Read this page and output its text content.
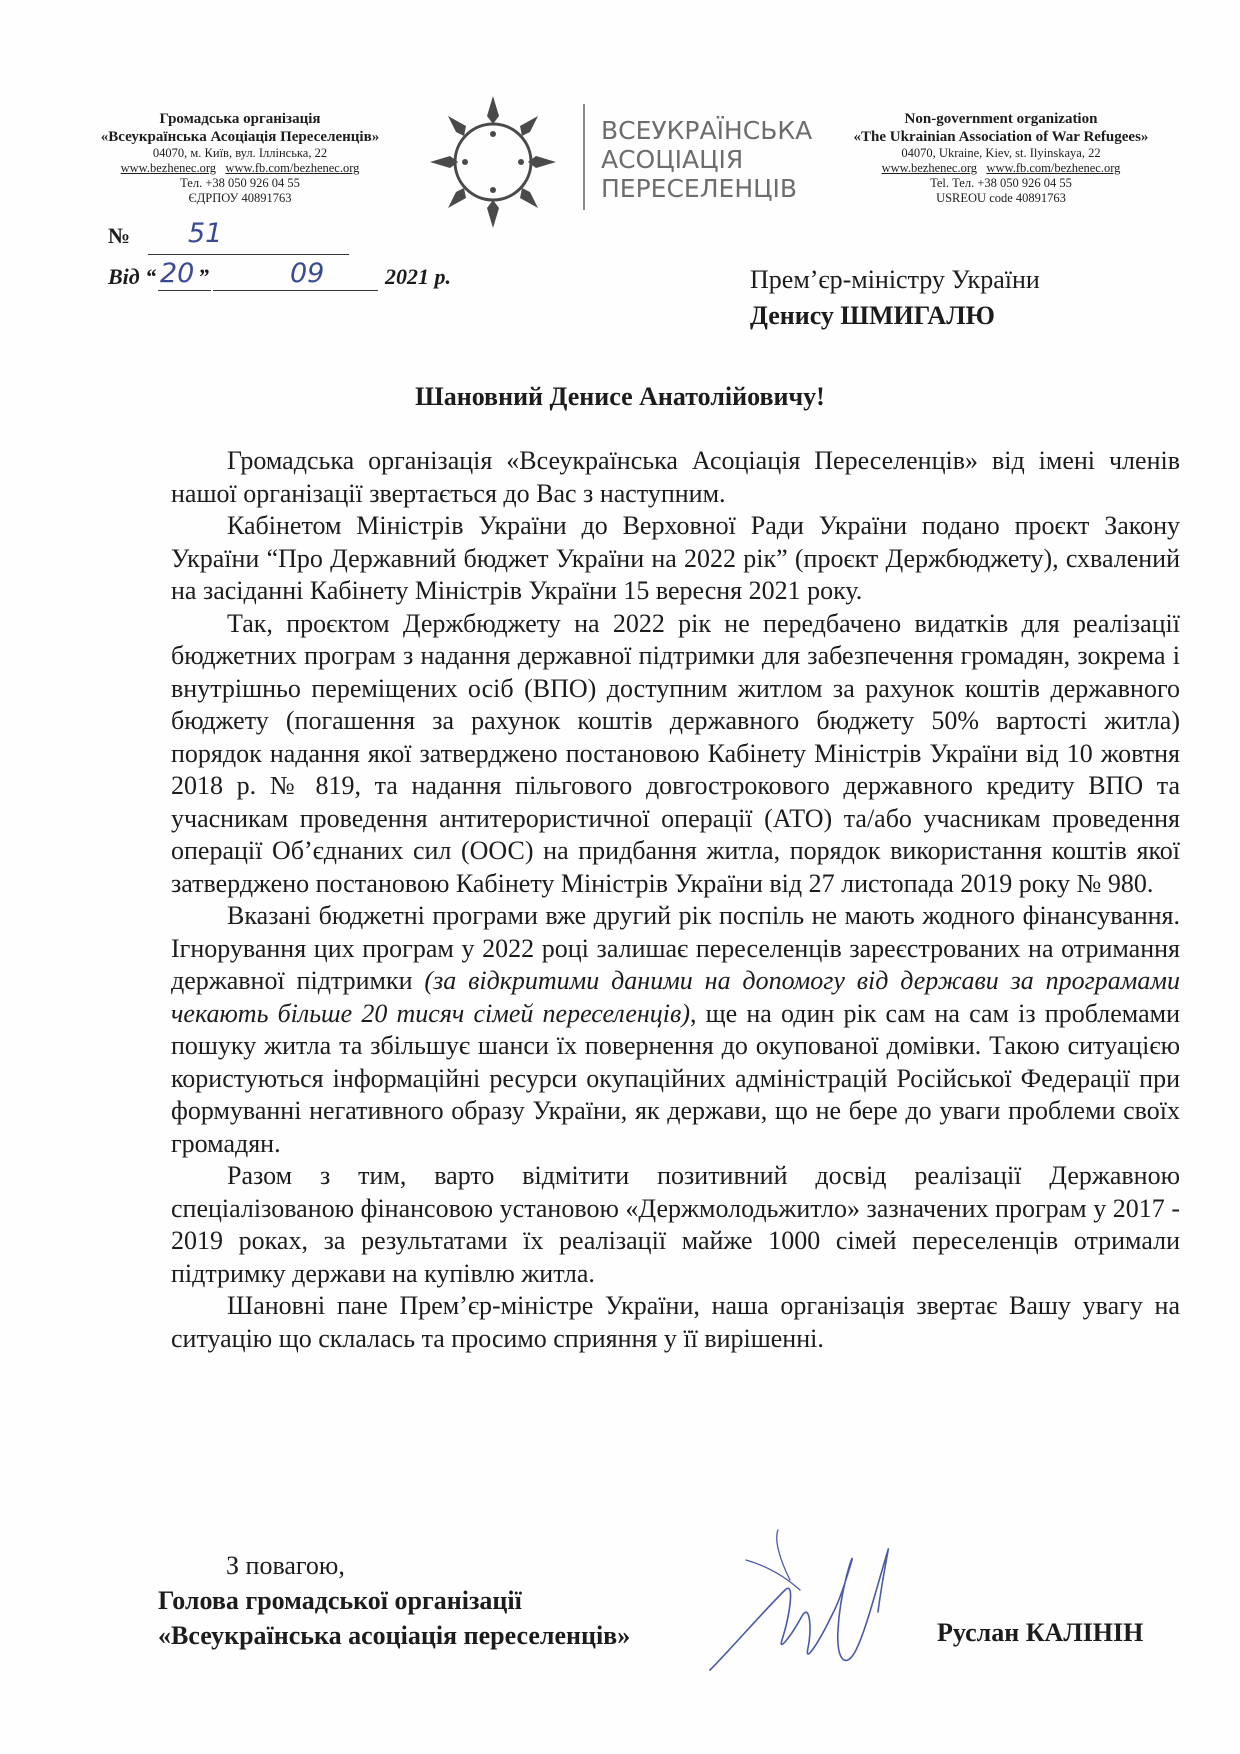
Громадська організація
«Всеукраїнська Асоціація Переселенців»
04070, м. Київ, вул. Іллінська, 22
www.bezhenec.org www.fb.com/bezhenec.org
Тел. +38 050 926 04 55
ЄДРПОУ 40891763
ВСЕУКРАЇНСЬКА
АСОЦІАЦІЯ
ПЕРЕСЕЛЕНЦІВ
Non-government organization
«The Ukrainian Association of War Refugees»
04070, Ukraine, Kiev, st. Ilyinskaya, 22
www.bezhenec.org www.fb.com/bezhenec.org
Tel. Тел. +38 050 926 04 55
USREOU code 40891763
№ 51
Від “ 20 ”	09	2021 р.	Прем’єр-міністру України
Денису ШМИГАЛЮ
Шановний Денисе Анатолійовичу!

Громадська організація «Всеукраїнська Асоціація Переселенців» від імені членів нашої організації звертається до Вас з наступним.

Кабінетом Міністрів України до Верховної Ради України подано проєкт Закону України “Про Державний бюджет України на 2022 рік” (проєкт Держбюджету), схвалений на засіданні Кабінету Міністрів України 15 вересня 2021 року.

Так, проєктом Держбюджету на 2022 рік не передбачено видатків для реалізації бюджетних програм з надання державної підтримки для забезпечення громадян, зокрема і внутрішньо переміщених осіб (ВПО) доступним житлом за рахунок коштів державного бюджету (погашення за рахунок коштів державного бюджету 50% вартості житла) порядок надання якої затверджено постановою Кабінету Міністрів України від 10 жовтня 2018 р. № 819, та надання пільгового довгострокового державного кредиту ВПО та учасникам проведення антитерористичної операції (АТО) та/або учасникам проведення операції Об’єднаних сил (ООС) на придбання житла, порядок використання коштів якої затверджено постановою Кабінету Міністрів України від 27 листопада 2019 року № 980.

Вказані бюджетні програми вже другий рік поспіль не мають жодного фінансування. Ігнорування цих програм у 2022 році залишає переселенців зареєстрованих на отримання державної підтримки (за відкритими даними на допомогу від держави за програмами чекають більше 20 тисяч сімей переселенців), ще на один рік сам на сам із проблемами пошуку житла та збільшує шанси їх повернення до окупованої домівки. Такою ситуацією користуються інформаційні ресурси окупаційних адміністрацій Російської Федерації при формуванні негативного образу України, як держави, що не бере до уваги проблеми своїх громадян.

Разом з тим, варто відмітити позитивний досвід реалізації Державною спеціалізованою фінансовою установою «Держмолодьжитло» зазначених програм у 2017 - 2019 роках, за результатами їх реалізації майже 1000 сімей переселенців отримали підтримку держави на купівлю житла.

Шановні пане Прем’єр-міністре України, наша організація звертає Вашу увагу на ситуацію що склалась та просимо сприяння у її вирішенні.

З повагою,
Голова громадської організації
«Всеукраїнська асоціація переселенців»	Руслан КАЛІНІН
